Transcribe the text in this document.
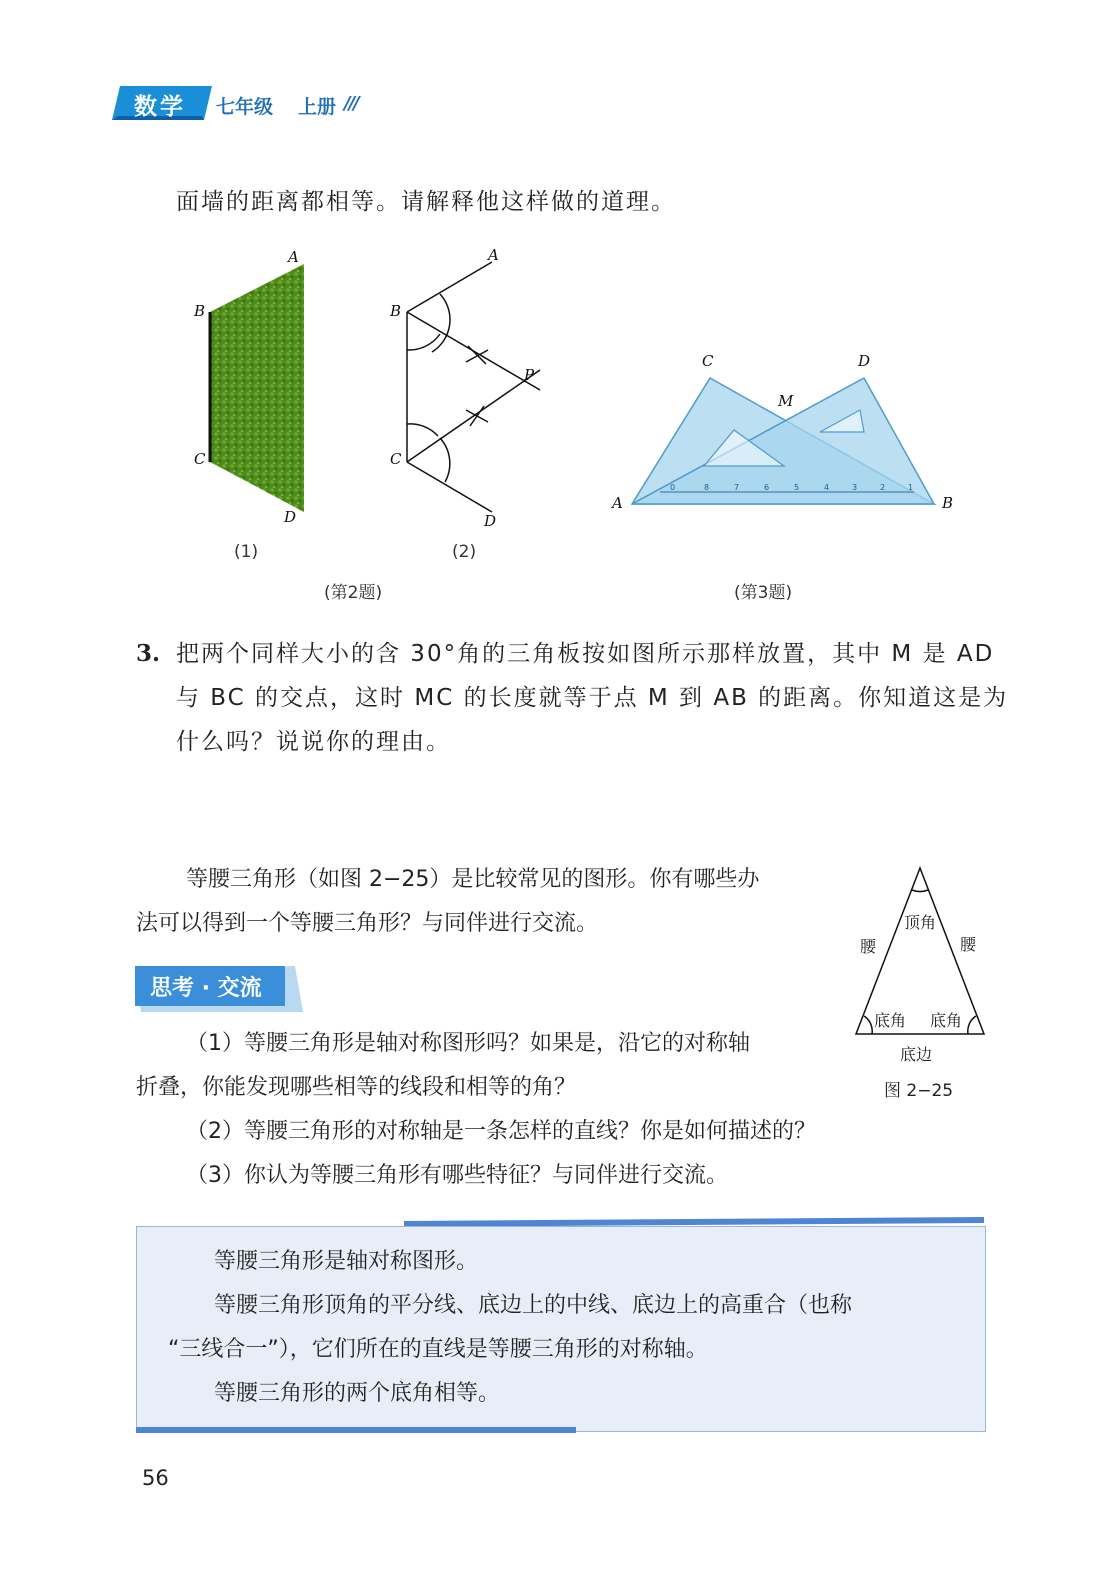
数学 七年级 上册 ///
面墙的距离都相等。请解释他这样做的道理。
A
B
C
D
(1)
A
B
P
C
D
(2)
(第2题)
0	8	7	6	5	4	3	2	1
C	D
M
A	B
(第3题)
3. 把两个同样大小的含 30°角的三角板按如图所示那样放置，其中 M 是 AD
与 BC 的交点，这时 MC 的长度就等于点 M 到 AB 的距离。你知道这是为
什么吗？说说你的理由。
等腰三角形（如图 2−25）是比较常见的图形。你有哪些办
法可以得到一个等腰三角形？与同伴进行交流。	顶角
腰	腰
底角 底角
底边
图 2−25
思考 · 交流
（1）等腰三角形是轴对称图形吗？如果是，沿它的对称轴
折叠，你能发现哪些相等的线段和相等的角？
（2）等腰三角形的对称轴是一条怎样的直线？你是如何描述的？
（3）你认为等腰三角形有哪些特征？与同伴进行交流。
等腰三角形是轴对称图形。
等腰三角形顶角的平分线、底边上的中线、底边上的高重合（也称
“三线合一”），它们所在的直线是等腰三角形的对称轴。
等腰三角形的两个底角相等。
56
